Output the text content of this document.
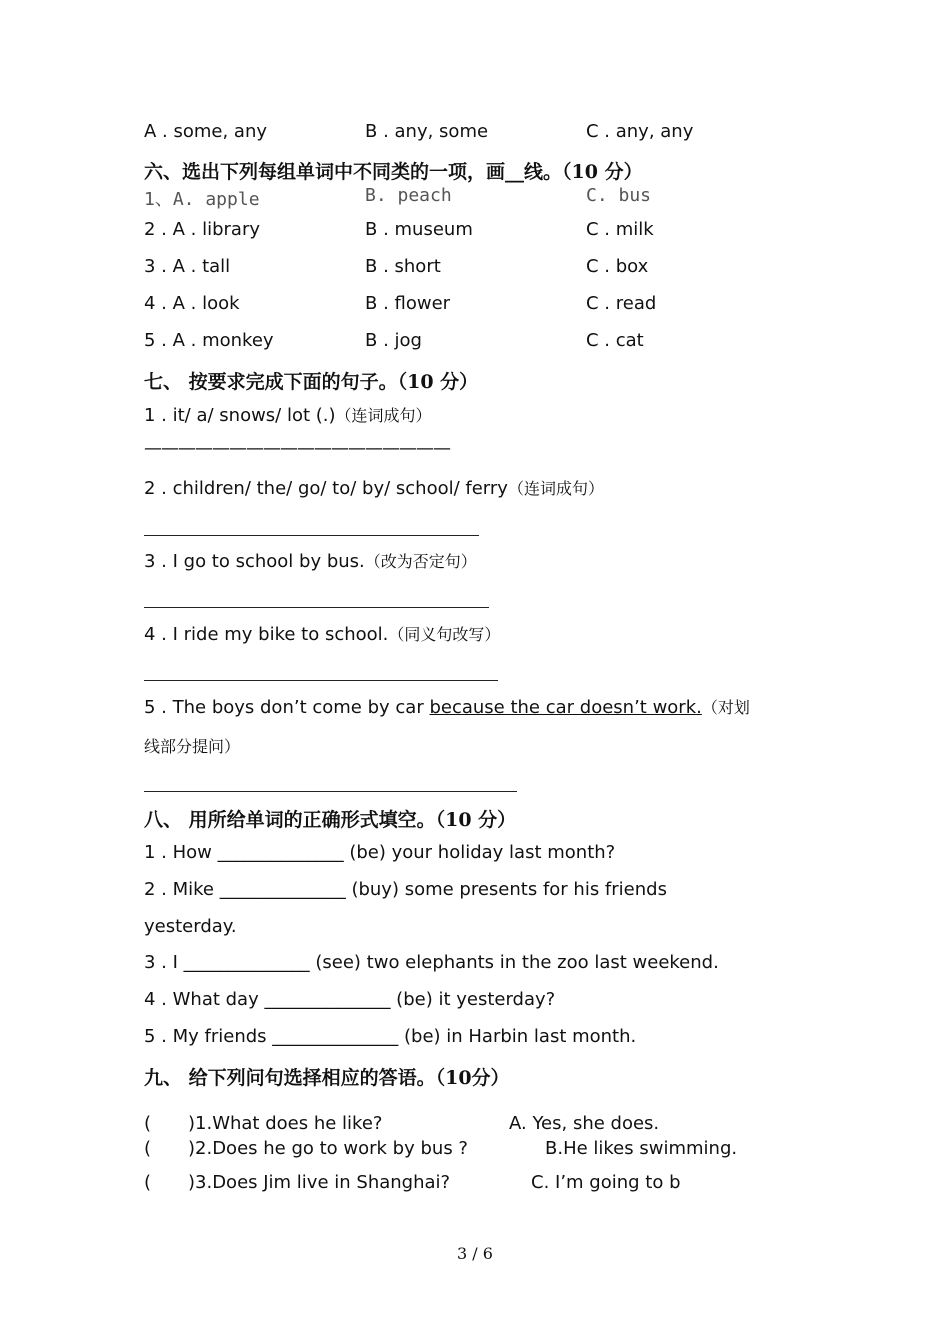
A . some, any	B . any, some	C . any, any
六、选出下列每组单词中不同类的一项，画__线。（10 分）
1、A. apple	B. peach	C. bus
2 . A . library	B . museum	C . milk
3 . A . tall	B . short	C . box
4 . A . look	B . flower	C . read
5 . A . monkey	B . jog	C . cat
七、 按要求完成下面的句子。（10 分）
1 . it/ a/ snows/ lot (.)（连词成句）
——————————————————
2 . children/ the/ go/ to/ by/ school/ ferry（连词成句）
3 . I go to school by bus.（改为否定句）
4 . I ride my bike to school.（同义句改写）
5 . The boys don’t come by car because the car doesn’t work.（对划
线部分提问）
八、 用所给单词的正确形式填空。（10 分）
1 . How ______________ (be) your holiday last month?
2 . Mike ______________ (buy) some presents for his friends
yesterday.
3 . I ______________ (see) two elephants in the zoo last weekend.
4 . What day ______________ (be) it yesterday?
5 . My friends ______________ (be) in Harbin last month.
九、 给下列问句选择相应的答语。（10分）
( )1.What does he like?	A. Yes, she does.
( )2.Does he go to work by bus ?	B.He likes swimming.
( )3.Does Jim live in Shanghai?	C. I’m going to b
3 / 6
